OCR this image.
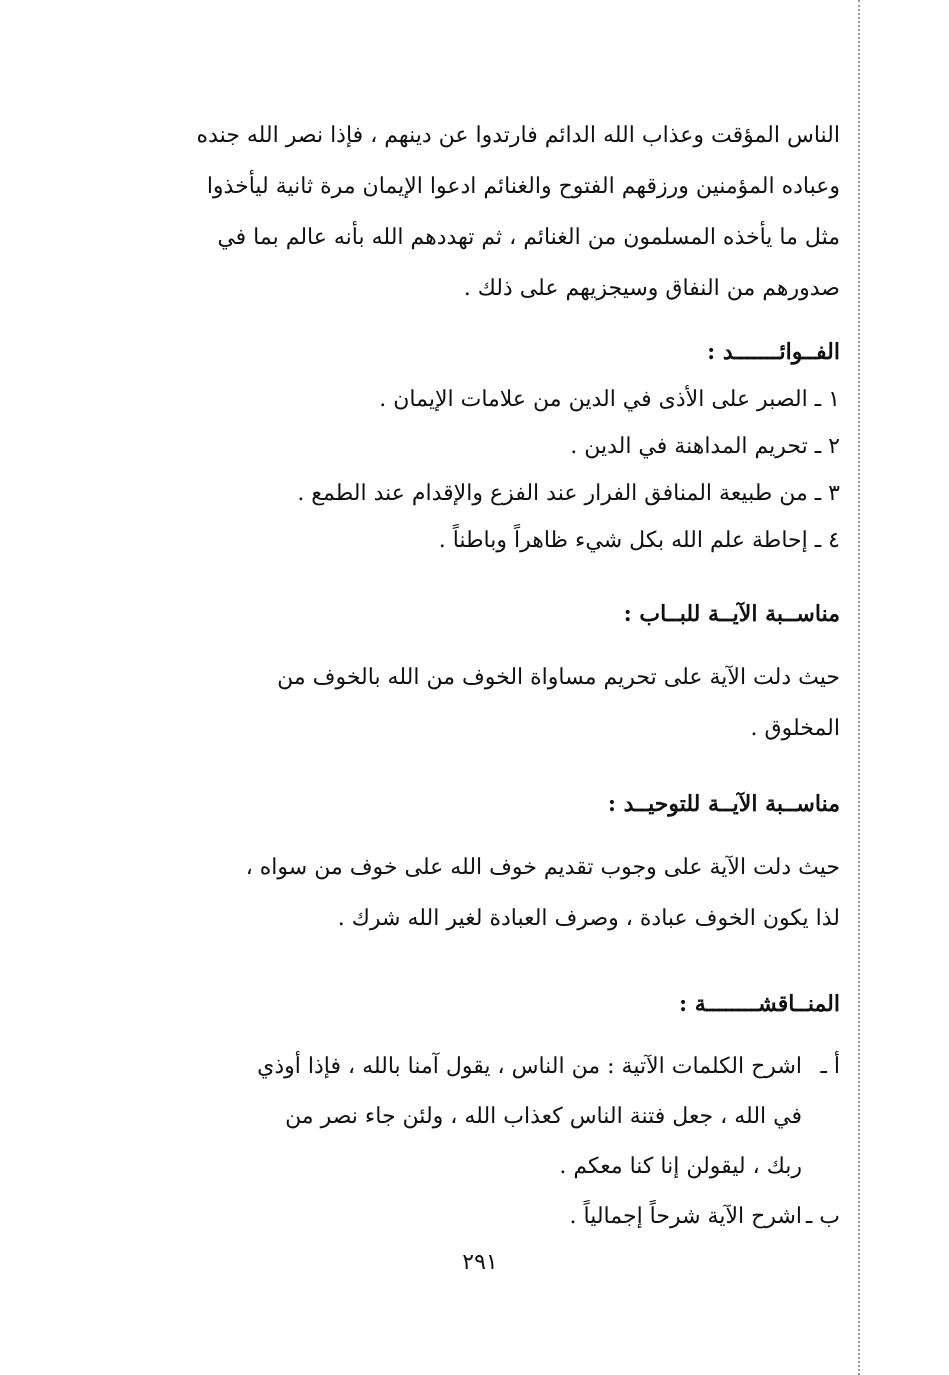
الناس المؤقت وعذاب الله الدائم فارتدوا عن دينهم ، فإذا نصر الله جنده

وعباده المؤمنين ورزقهم الفتوح والغنائم ادعوا الإيمان مرة ثانية ليأخذوا

مثل ما يأخذه المسلمون من الغنائم ، ثم تهددهم الله بأنه عالم بما في

صدورهم من النفاق وسيجزيهم على ذلك .

الفــوائـــــــد :

١ ـ الصبر على الأذى في الدين من علامات الإيمان .

٢ ـ تحريم المداهنة في الدين .

٣ ـ من طبيعة المنافق الفرار عند الفزع والإقدام عند الطمع .

٤ ـ إحاطة علم الله بكل شيء ظاهراً وباطناً .

مناســبة الآيــة للبــاب :

حيث دلت الآية على تحريم مساواة الخوف من الله بالخوف من

المخلوق .

مناســبة الآيــة للتوحيــد :

حيث دلت الآية على وجوب تقديم خوف الله على خوف من سواه ،

لذا يكون الخوف عبادة ، وصرف العبادة لغير الله شرك .

المنــاقشــــــــة :

أ ـاشرح الكلمات الآتية : من الناس ، يقول آمنا بالله ، فإذا أوذي

في الله ، جعل فتنة الناس كعذاب الله ، ولئن جاء نصر من

ربك ، ليقولن إنا كنا معكم .

ب ـاشرح الآية شرحاً إجمالياً .

٢٩١
